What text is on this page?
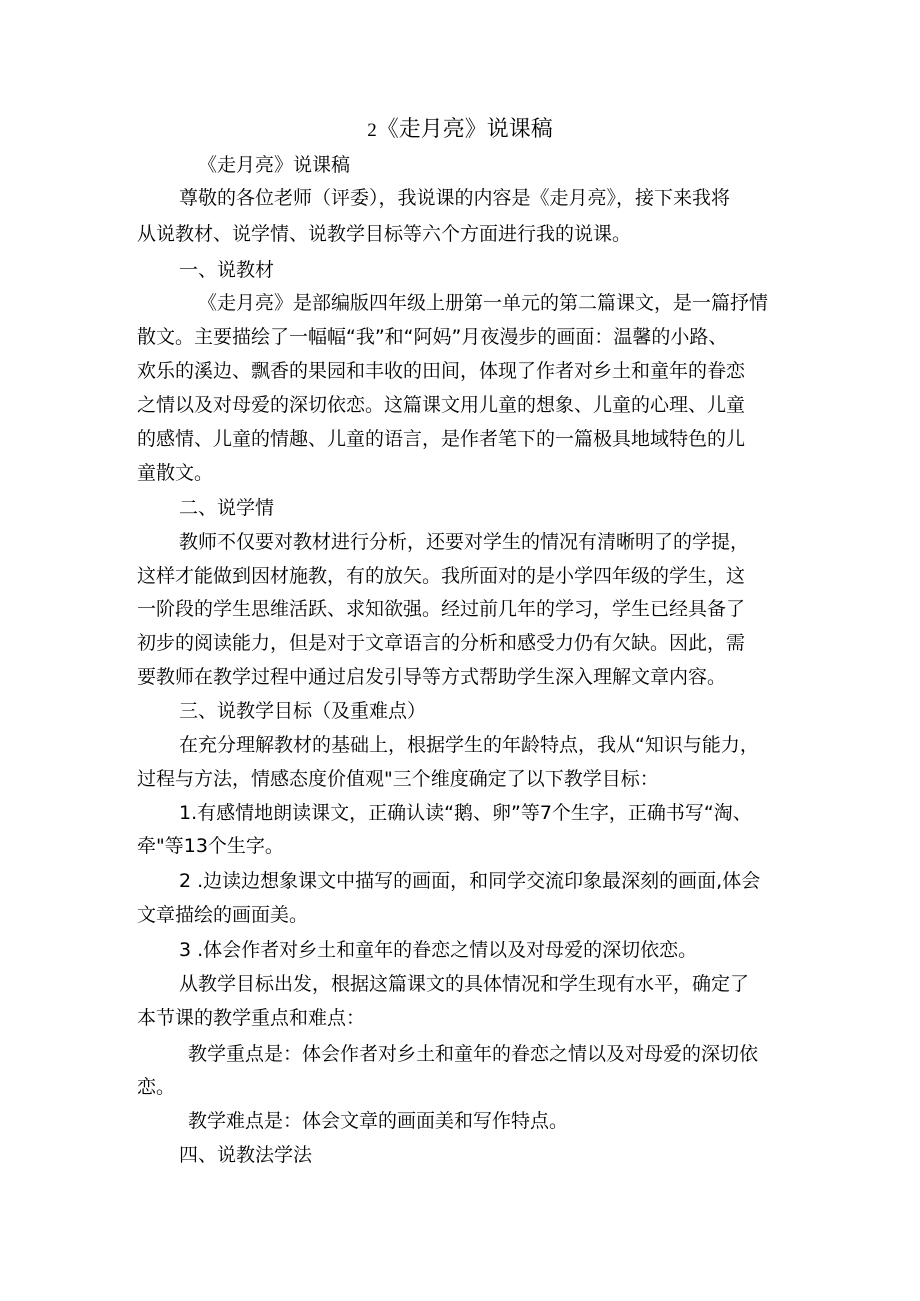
2《走月亮》说课稿
《走月亮》说课稿
尊敬的各位老师（评委），我说课的内容是《走月亮》，接下来我将
从说教材、说学情、说教学目标等六个方面进行我的说课。
一、说教材
《走月亮》是部编版四年级上册第一单元的第二篇课文，是一篇抒情
散文。主要描绘了一幅幅“我”和“阿妈”月夜漫步的画面：温馨的小路、
欢乐的溪边、飘香的果园和丰收的田间，体现了作者对乡土和童年的眷恋
之情以及对母爱的深切依恋。这篇课文用儿童的想象、儿童的心理、儿童
的感情、儿童的情趣、儿童的语言，是作者笔下的一篇极具地域特色的儿
童散文。
二、说学情
教师不仅要对教材进行分析，还要对学生的情况有清晰明了的学提，
这样才能做到因材施教，有的放矢。我所面对的是小学四年级的学生，这
一阶段的学生思维活跃、求知欲强。经过前几年的学习，学生已经具备了
初步的阅读能力，但是对于文章语言的分析和感受力仍有欠缺。因此，需
要教师在教学过程中通过启发引导等方式帮助学生深入理解文章内容。
三、说教学目标（及重难点）
在充分理解教材的基础上，根据学生的年龄特点，我从“知识与能力，
过程与方法，情感态度价值观"三个维度确定了以下教学目标：
1.有感情地朗读课文，正确认读“鹅、卵”等7个生字，正确书写“淘、
牵"等13个生字。
2 .边读边想象课文中描写的画面，和同学交流印象最深刻的画面,体会
文章描绘的画面美。
3 .体会作者对乡土和童年的眷恋之情以及对母爱的深切依恋。
从教学目标出发，根据这篇课文的具体情况和学生现有水平，确定了
本节课的教学重点和难点：
教学重点是：体会作者对乡土和童年的眷恋之情以及对母爱的深切依
恋。
教学难点是：体会文章的画面美和写作特点。
四、说教法学法
